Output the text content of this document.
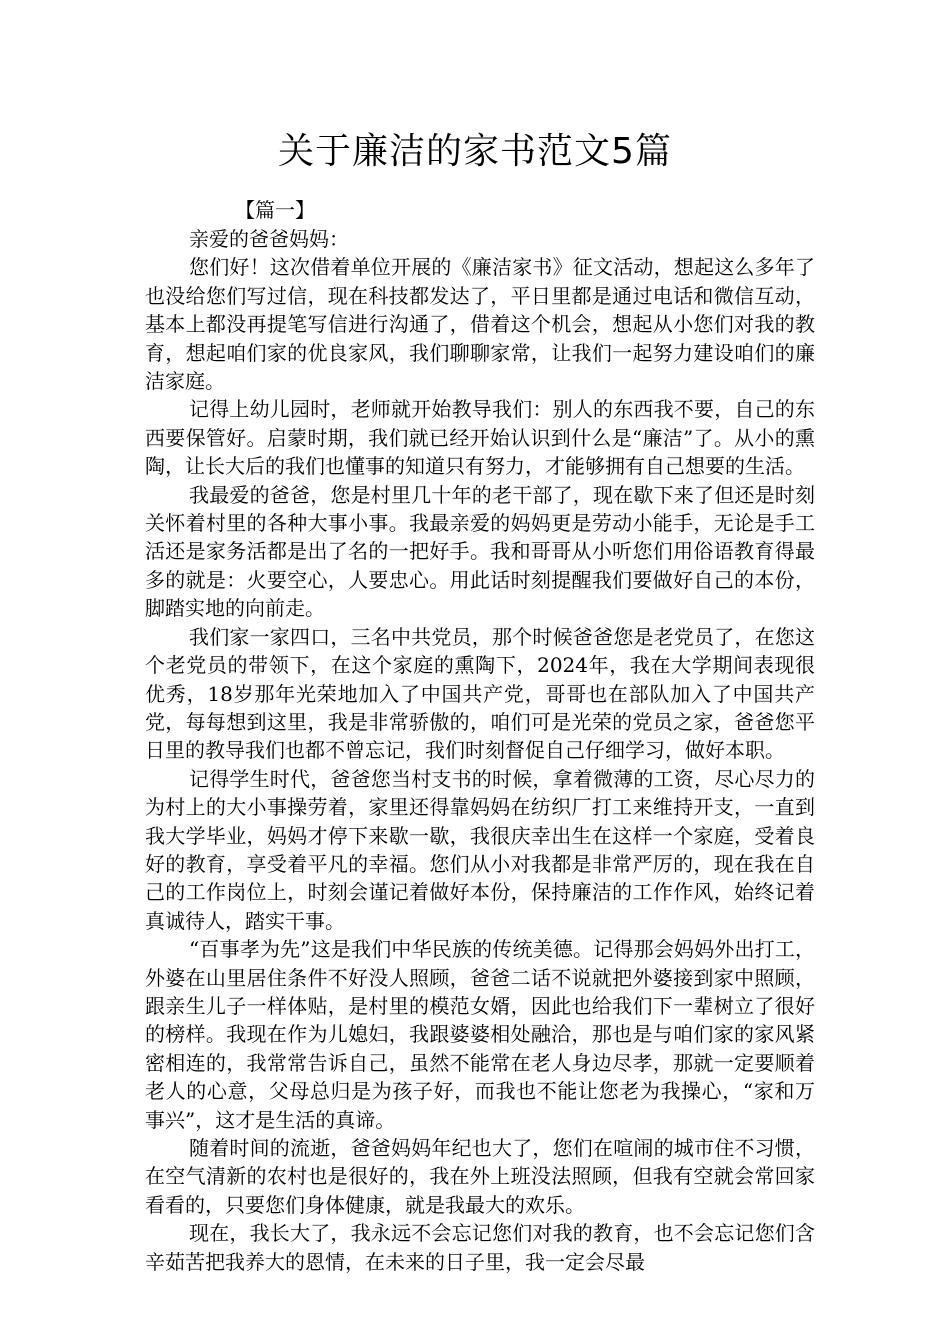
关于廉洁的家书范文5篇

【篇一】

亲爱的爸爸妈妈：

您们好！这次借着单位开展的《廉洁家书》征文活动，想起这么多年了也没给您们写过信，现在科技都发达了，平日里都是通过电话和微信互动，基本上都没再提笔写信进行沟通了，借着这个机会，想起从小您们对我的教育，想起咱们家的优良家风，我们聊聊家常，让我们一起努力建设咱们的廉洁家庭。

记得上幼儿园时，老师就开始教导我们：别人的东西我不要，自己的东西要保管好。启蒙时期，我们就已经开始认识到什么是“廉洁”了。从小的熏陶，让长大后的我们也懂事的知道只有努力，才能够拥有自己想要的生活。

我最爱的爸爸，您是村里几十年的老干部了，现在歇下来了但还是时刻关怀着村里的各种大事小事。我最亲爱的妈妈更是劳动小能手，无论是手工活还是家务活都是出了名的一把好手。我和哥哥从小听您们用俗语教育得最多的就是：火要空心，人要忠心。用此话时刻提醒我们要做好自己的本份，脚踏实地的向前走。

我们家一家四口，三名中共党员，那个时候爸爸您是老党员了，在您这个老党员的带领下，在这个家庭的熏陶下，2024年，我在大学期间表现很优秀，18岁那年光荣地加入了中国共产党，哥哥也在部队加入了中国共产党，每每想到这里，我是非常骄傲的，咱们可是光荣的党员之家，爸爸您平日里的教导我们也都不曾忘记，我们时刻督促自己仔细学习，做好本职。

记得学生时代，爸爸您当村支书的时候，拿着微薄的工资，尽心尽力的为村上的大小事操劳着，家里还得靠妈妈在纺织厂打工来维持开支，一直到我大学毕业，妈妈才停下来歇一歇，我很庆幸出生在这样一个家庭，受着良好的教育，享受着平凡的幸福。您们从小对我都是非常严厉的，现在我在自己的工作岗位上，时刻会谨记着做好本份，保持廉洁的工作作风，始终记着真诚待人，踏实干事。

“百事孝为先”这是我们中华民族的传统美德。记得那会妈妈外出打工，外婆在山里居住条件不好没人照顾，爸爸二话不说就把外婆接到家中照顾，跟亲生儿子一样体贴，是村里的模范女婿，因此也给我们下一辈树立了很好的榜样。我现在作为儿媳妇，我跟婆婆相处融洽，那也是与咱们家的家风紧密相连的，我常常告诉自己，虽然不能常在老人身边尽孝，那就一定要顺着老人的心意，父母总归是为孩子好，而我也不能让您老为我操心，“家和万事兴”，这才是生活的真谛。

随着时间的流逝，爸爸妈妈年纪也大了，您们在喧闹的城市住不习惯，在空气清新的农村也是很好的，我在外上班没法照顾，但我有空就会常回家看看的，只要您们身体健康，就是我最大的欢乐。

现在，我长大了，我永远不会忘记您们对我的教育，也不会忘记您们含辛茹苦把我养大的恩情，在未来的日子里，我一定会尽最
